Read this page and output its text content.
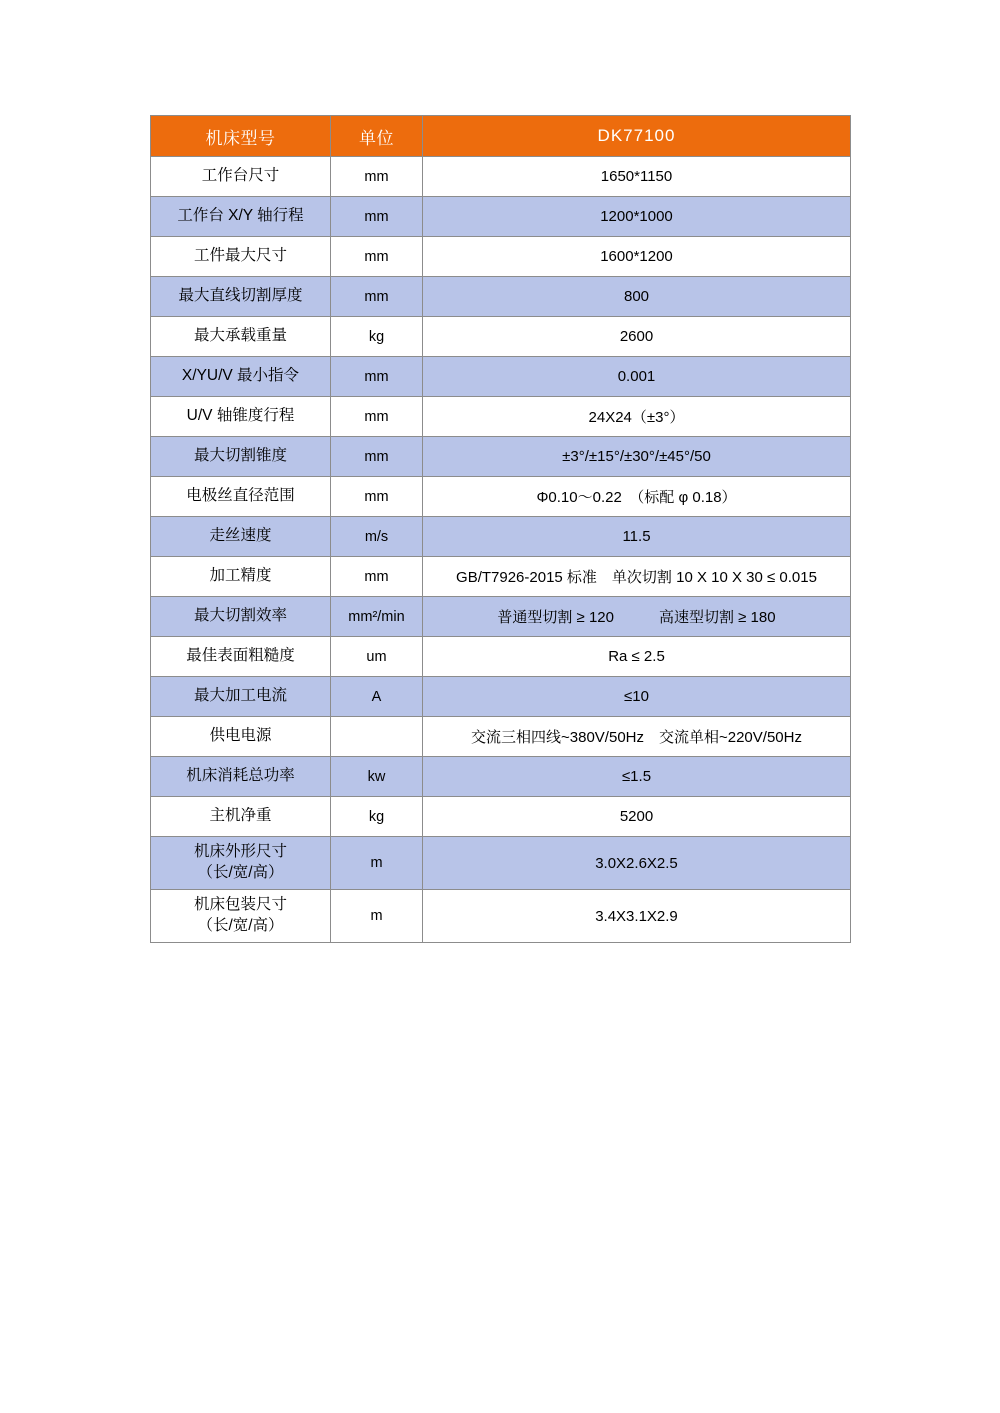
机床型号	单位	DK77100
工作台尺寸	mm	1650*1150
工作台 X/Y 轴行程	mm	1200*1000
工件最大尺寸	mm	1600*1200
最大直线切割厚度	mm	800
最大承载重量	kg	2600
X/YU/V 最小指令	mm	0.001
U/V 轴锥度行程	mm	24X24（±3°）
最大切割锥度	mm	±3°/±15°/±30°/±45°/50
电极丝直径范围	mm	Φ0.10～0.22　（标配 φ 0.18）
走丝速度	m/s	11.5
加工精度	mm	GB/T7926-2015 标准　单次切割 10 X 10 X 30 ≤ 0.015
最大切割效率	mm²/min	普通型切割 ≥ 120　　　高速型切割 ≥ 180
最佳表面粗糙度	um	Ra ≤ 2.5
最大加工电流	A	≤10
供电电源		交流三相四线~380V/50Hz　交流单相~220V/50Hz
机床消耗总功率	kw	≤1.5
主机净重	kg	5200
机床外形尺寸
（长/宽/高）	m	3.0X2.6X2.5
机床包装尺寸
（长/宽/高）	m	3.4X3.1X2.9
